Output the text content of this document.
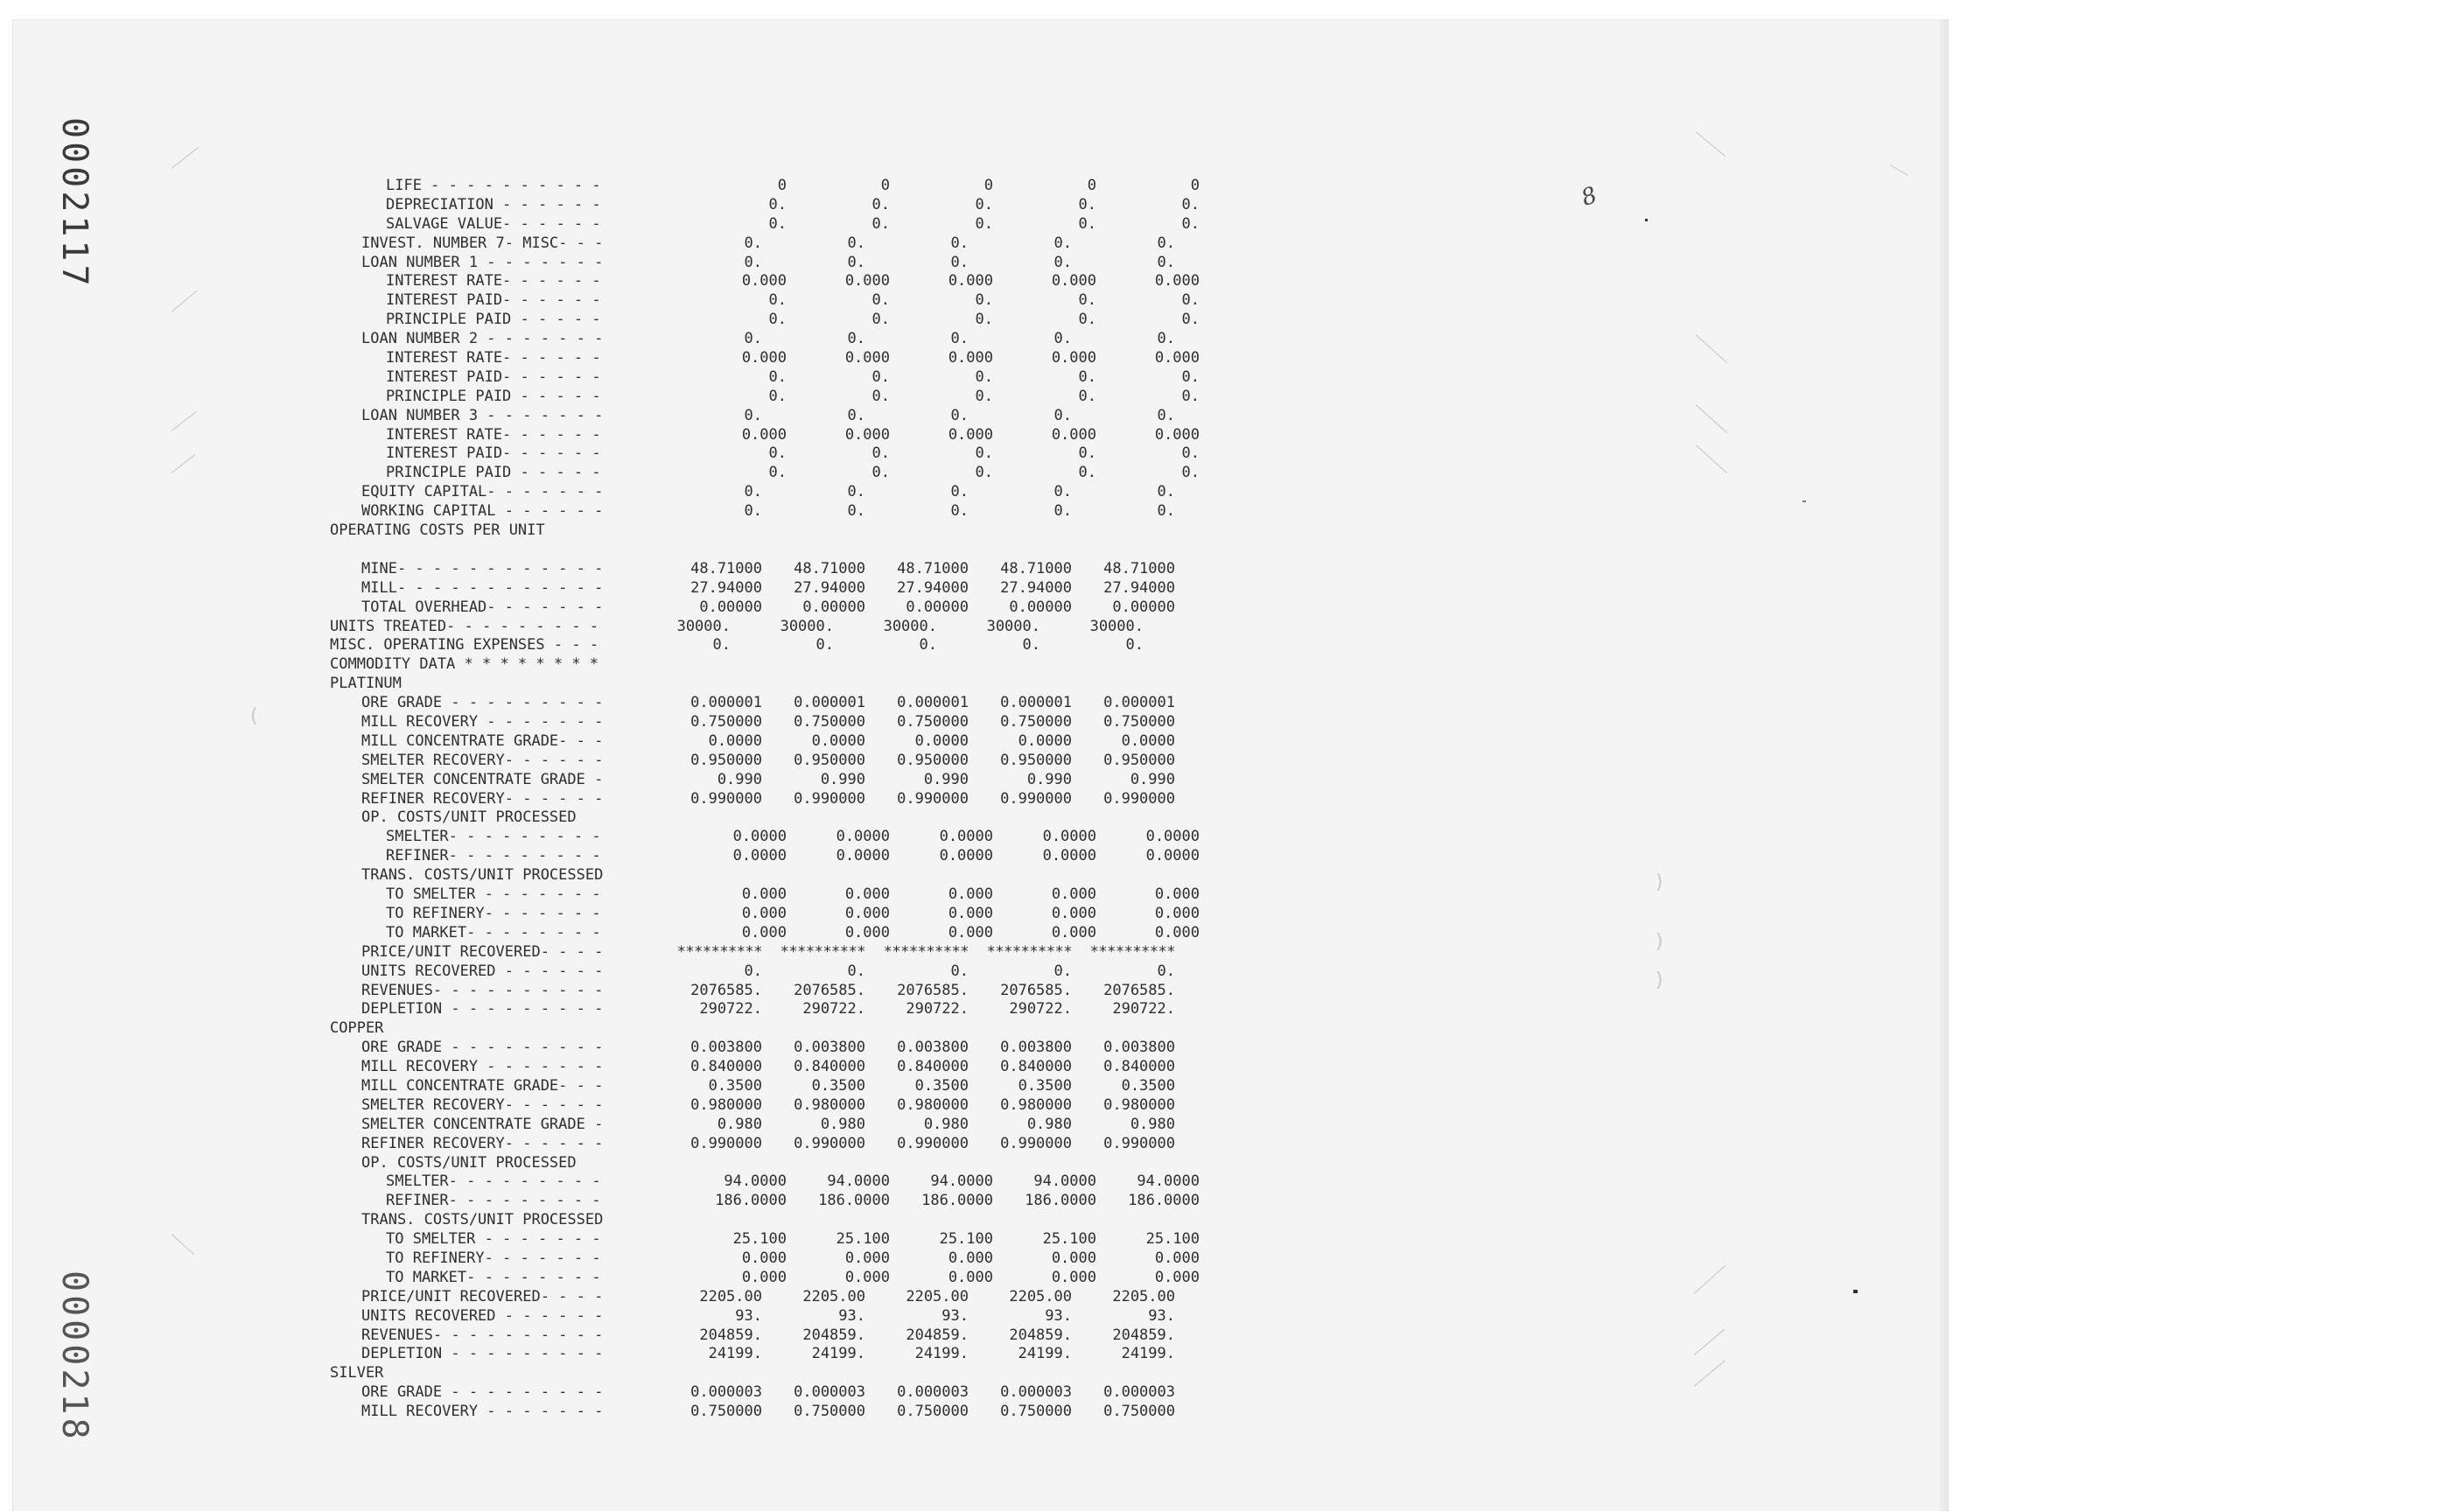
0002117
0000218
8
)
)
)
(
LIFE - - - - - - - - - -	0	0	0	0	0
DEPRECIATION - - - - - -	0.	0.	0.	0.	0.
SALVAGE VALUE- - - - - -	0.	0.	0.	0.	0.
INVEST. NUMBER 7- MISC- - -	0.	0.	0.	0.	0.
LOAN NUMBER 1 - - - - - - -	0.	0.	0.	0.	0.
INTEREST RATE- - - - - -	0.000	0.000	0.000	0.000	0.000
INTEREST PAID- - - - - -	0.	0.	0.	0.	0.
PRINCIPLE PAID - - - - -	0.	0.	0.	0.	0.
LOAN NUMBER 2 - - - - - - -	0.	0.	0.	0.	0.
INTEREST RATE- - - - - -	0.000	0.000	0.000	0.000	0.000
INTEREST PAID- - - - - -	0.	0.	0.	0.	0.
PRINCIPLE PAID - - - - -	0.	0.	0.	0.	0.
LOAN NUMBER 3 - - - - - - -	0.	0.	0.	0.	0.
INTEREST RATE- - - - - -	0.000	0.000	0.000	0.000	0.000
INTEREST PAID- - - - - -	0.	0.	0.	0.	0.
PRINCIPLE PAID - - - - -	0.	0.	0.	0.	0.
EQUITY CAPITAL- - - - - - -	0.	0.	0.	0.	0.
WORKING CAPITAL - - - - - -	0.	0.	0.	0.	0.
OPERATING COSTS PER UNIT
MINE- - - - - - - - - - - -	48.71000	48.71000	48.71000	48.71000	48.71000
MILL- - - - - - - - - - - -	27.94000	27.94000	27.94000	27.94000	27.94000
TOTAL OVERHEAD- - - - - - -	0.00000	0.00000	0.00000	0.00000	0.00000
UNITS TREATED- - - - - - - - -	30000.	30000.	30000.	30000.	30000.
MISC. OPERATING EXPENSES - - -	0.	0.	0.	0.	0.
COMMODITY DATA * * * * * * * *
PLATINUM
ORE GRADE - - - - - - - - -	0.000001	0.000001	0.000001	0.000001	0.000001
MILL RECOVERY - - - - - - -	0.750000	0.750000	0.750000	0.750000	0.750000
MILL CONCENTRATE GRADE- - -	0.0000	0.0000	0.0000	0.0000	0.0000
SMELTER RECOVERY- - - - - -	0.950000	0.950000	0.950000	0.950000	0.950000
SMELTER CONCENTRATE GRADE -	0.990	0.990	0.990	0.990	0.990
REFINER RECOVERY- - - - - -	0.990000	0.990000	0.990000	0.990000	0.990000
OP. COSTS/UNIT PROCESSED
SMELTER- - - - - - - - -	0.0000	0.0000	0.0000	0.0000	0.0000
REFINER- - - - - - - - -	0.0000	0.0000	0.0000	0.0000	0.0000
TRANS. COSTS/UNIT PROCESSED
TO SMELTER - - - - - - -	0.000	0.000	0.000	0.000	0.000
TO REFINERY- - - - - - -	0.000	0.000	0.000	0.000	0.000
TO MARKET- - - - - - - -	0.000	0.000	0.000	0.000	0.000
PRICE/UNIT RECOVERED- - - -	**********	**********	**********	**********	**********
UNITS RECOVERED - - - - - -	0.	0.	0.	0.	0.
REVENUES- - - - - - - - - -	2076585.	2076585.	2076585.	2076585.	2076585.
DEPLETION - - - - - - - - -	290722.	290722.	290722.	290722.	290722.
COPPER
ORE GRADE - - - - - - - - -	0.003800	0.003800	0.003800	0.003800	0.003800
MILL RECOVERY - - - - - - -	0.840000	0.840000	0.840000	0.840000	0.840000
MILL CONCENTRATE GRADE- - -	0.3500	0.3500	0.3500	0.3500	0.3500
SMELTER RECOVERY- - - - - -	0.980000	0.980000	0.980000	0.980000	0.980000
SMELTER CONCENTRATE GRADE -	0.980	0.980	0.980	0.980	0.980
REFINER RECOVERY- - - - - -	0.990000	0.990000	0.990000	0.990000	0.990000
OP. COSTS/UNIT PROCESSED
SMELTER- - - - - - - - -	94.0000	94.0000	94.0000	94.0000	94.0000
REFINER- - - - - - - - -	186.0000	186.0000	186.0000	186.0000	186.0000
TRANS. COSTS/UNIT PROCESSED
TO SMELTER - - - - - - -	25.100	25.100	25.100	25.100	25.100
TO REFINERY- - - - - - -	0.000	0.000	0.000	0.000	0.000
TO MARKET- - - - - - - -	0.000	0.000	0.000	0.000	0.000
PRICE/UNIT RECOVERED- - - -	2205.00	2205.00	2205.00	2205.00	2205.00
UNITS RECOVERED - - - - - -	93.	93.	93.	93.	93.
REVENUES- - - - - - - - - -	204859.	204859.	204859.	204859.	204859.
DEPLETION - - - - - - - - -	24199.	24199.	24199.	24199.	24199.
SILVER
ORE GRADE - - - - - - - - -	0.000003	0.000003	0.000003	0.000003	0.000003
MILL RECOVERY - - - - - - -	0.750000	0.750000	0.750000	0.750000	0.750000
